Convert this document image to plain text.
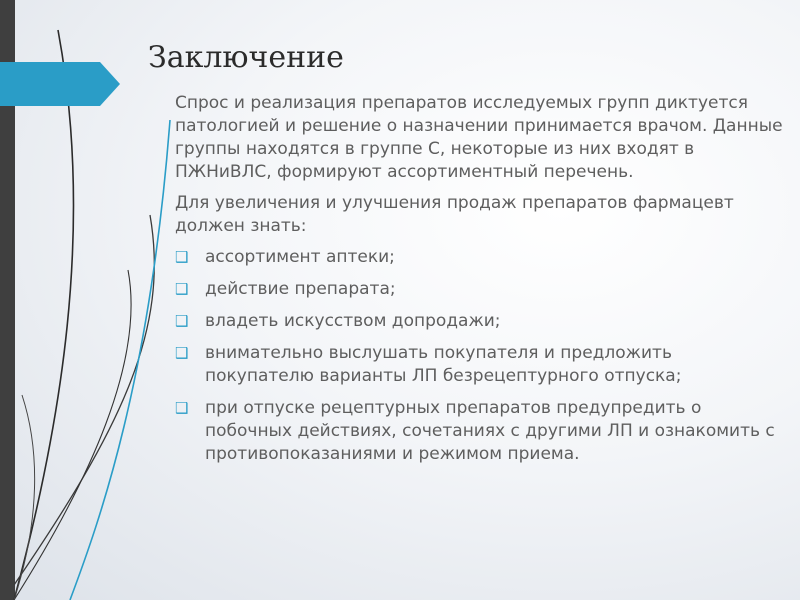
Заключение

Спрос и реализация препаратов исследуемых групп диктуется патологией и решение о назначении принимается врачом. Данные группы находятся в группе С, некоторые из них входят в ПЖНиВЛС, формируют ассортиментный перечень.

Для увеличения и улучшения продаж препаратов фармацевт должен знать:

❑ ассортимент аптеки;
❑ действие препарата;
❑ владеть искусством допродажи;
❑ внимательно выслушать покупателя и предложить покупателю варианты ЛП безрецептурного отпуска;
❑ при отпуске рецептурных препаратов предупредить о побочных действиях, сочетаниях с другими ЛП и ознакомить с противопоказаниями и режимом приема.
